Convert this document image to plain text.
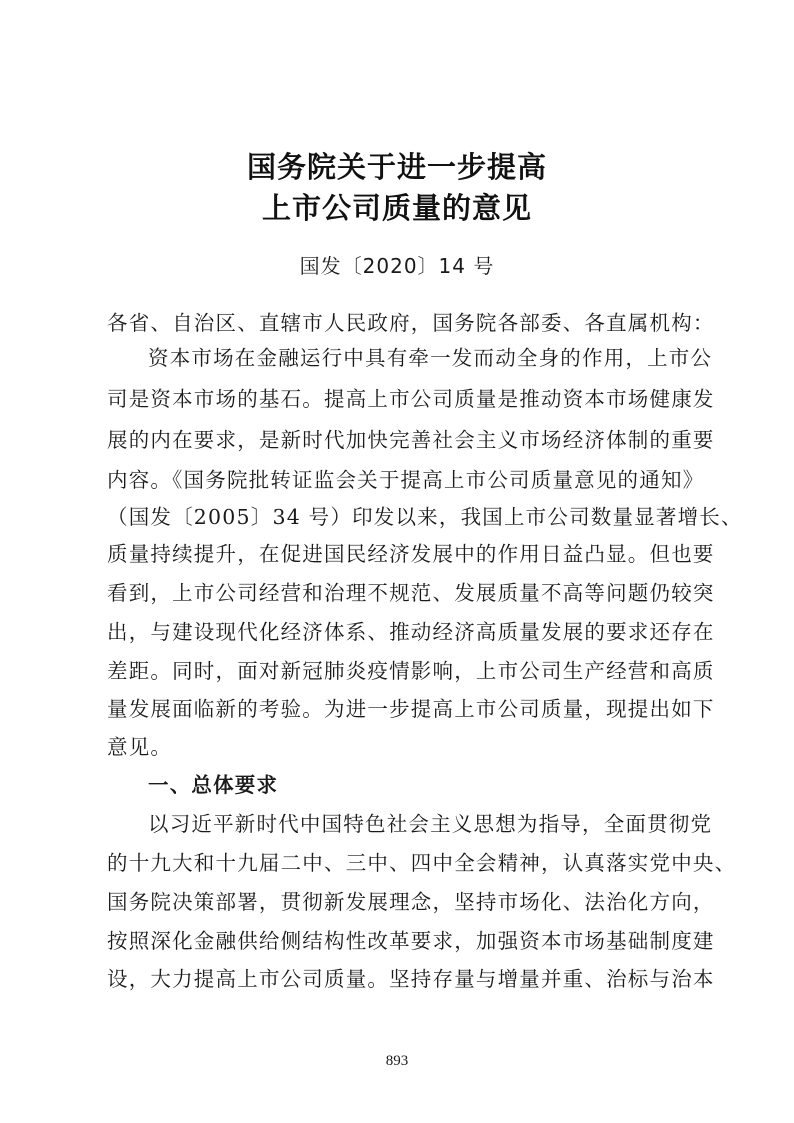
国务院关于进一步提高
上市公司质量的意见
国发〔2020〕14 号
各省、自治区、直辖市人民政府，国务院各部委、各直属机构：
资本市场在金融运行中具有牵一发而动全身的作用，上市公
司是资本市场的基石。提高上市公司质量是推动资本市场健康发
展的内在要求，是新时代加快完善社会主义市场经济体制的重要
内容。《国务院批转证监会关于提高上市公司质量意见的通知》
（国发〔2005〕34 号）印发以来，我国上市公司数量显著增长、
质量持续提升，在促进国民经济发展中的作用日益凸显。但也要
看到，上市公司经营和治理不规范、发展质量不高等问题仍较突
出，与建设现代化经济体系、推动经济高质量发展的要求还存在
差距。同时，面对新冠肺炎疫情影响，上市公司生产经营和高质
量发展面临新的考验。为进一步提高上市公司质量，现提出如下
意见。
一、总体要求
以习近平新时代中国特色社会主义思想为指导，全面贯彻党
的十九大和十九届二中、三中、四中全会精神，认真落实党中央、
国务院决策部署，贯彻新发展理念，坚持市场化、法治化方向，
按照深化金融供给侧结构性改革要求，加强资本市场基础制度建
设，大力提高上市公司质量。坚持存量与增量并重、治标与治本
893
